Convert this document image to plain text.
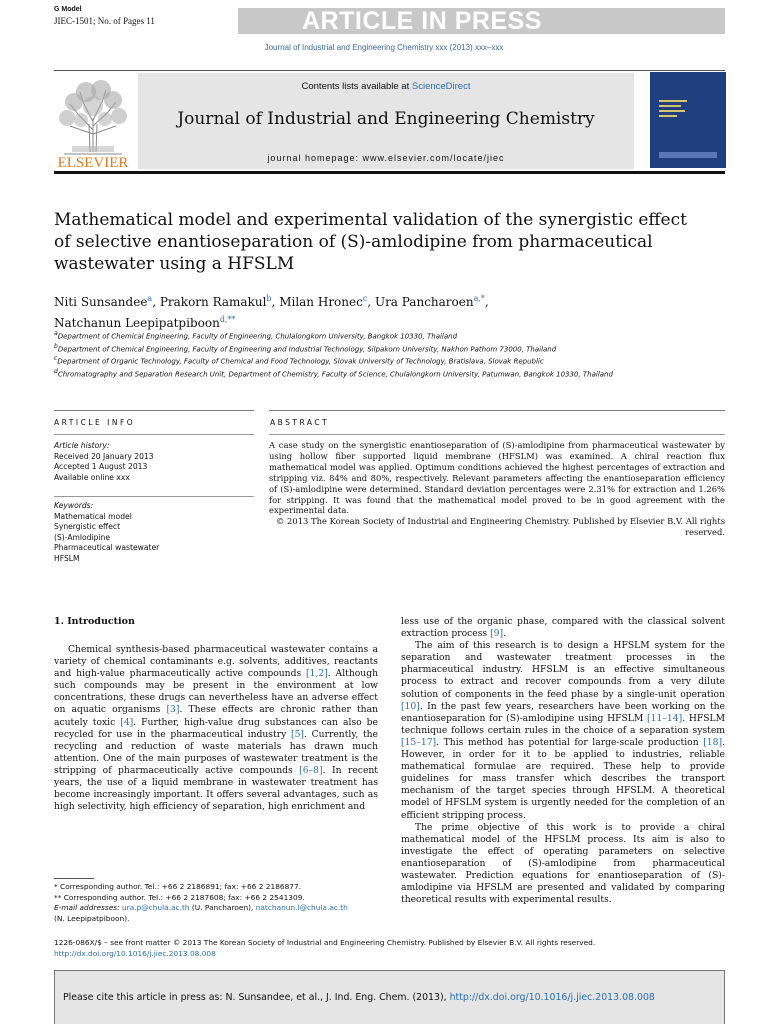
G Model
JIEC-1501; No. of Pages 11	ARTICLE IN PRESS
Journal of Industrial and Engineering Chemistry xxx (2013) xxx–xxx
ELSEVIER
Contents lists available at ScienceDirect
Journal of Industrial and Engineering Chemistry
journal homepage: www.elsevier.com/locate/jiec
Mathematical model and experimental validation of the synergistic effect of selective enantioseparation of (S)-amlodipine from pharmaceutical wastewater using a HFSLM
Niti Sunsandee$^a$, Prakorn Ramakul$^b$, Milan Hronec$^c$, Ura Pancharoen$^{a,*}$,
Natchanun Leepipatpiboon$^{d,**}$
$^a$Department of Chemical Engineering, Faculty of Engineering, Chulalongkorn University, Bangkok 10330, Thailand
$^b$Department of Chemical Engineering, Faculty of Engineering and Industrial Technology, Silpakorn University, Nakhon Pathom 73000, Thailand
$^c$Department of Organic Technology, Faculty of Chemical and Food Technology, Slovak University of Technology, Bratislava, Slovak Republic
$^d$Chromatography and Separation Research Unit, Department of Chemistry, Faculty of Science, Chulalongkorn University, Patumwan, Bangkok 10330, Thailand
ARTICLE INFO	ABSTRACT
Article history:
Received 20 January 2013
Accepted 1 August 2013
Available online xxx
Keywords:
Mathematical model
Synergistic effect
(S)-Amlodipine
Pharmaceutical wastewater
HFSLM

A case study on the synergistic enantioseparation of (S)-amlodipine from pharmaceutical wastewater by using hollow fiber supported liquid membrane (HFSLM) was examined. A chiral reaction flux mathematical model was applied. Optimum conditions achieved the highest percentages of extraction and stripping viz. 84% and 80%, respectively. Relevant parameters affecting the enantioseparation efficiency of (S)-amlodipine were determined. Standard deviation percentages were 2.31% for extraction and 1.26% for stripping. It was found that the mathematical model proved to be in good agreement with the experimental data.

© 2013 The Korean Society of Industrial and Engineering Chemistry. Published by Elsevier B.V. All rights reserved.

1. Introduction

Chemical synthesis-based pharmaceutical wastewater contains a variety of chemical contaminants e.g. solvents, additives, reactants and high-value pharmaceutically active compounds [1,2]. Although such compounds may be present in the environment at low concentrations, these drugs can nevertheless have an adverse effect on aquatic organisms [3]. These effects are chronic rather than acutely toxic [4]. Further, high-value drug substances can also be recycled for use in the pharmaceutical industry [5]. Currently, the recycling and reduction of waste materials has drawn much attention. One of the main purposes of wastewater treatment is the stripping of pharmaceutically active compounds [6–8]. In recent years, the use of a liquid membrane in wastewater treatment has become increasingly important. It offers several advantages, such as high selectivity, high efficiency of separation, high enrichment and

less use of the organic phase, compared with the classical solvent extraction process [9].

The aim of this research is to design a HFSLM system for the separation and wastewater treatment processes in the pharmaceutical industry. HFSLM is an effective simultaneous process to extract and recover compounds from a very dilute solution of components in the feed phase by a single-unit operation [10]. In the past few years, researchers have been working on the enantioseparation for (S)-amlodipine using HFSLM [11–14]. HFSLM technique follows certain rules in the choice of a separation system [15–17]. This method has potential for large-scale production [18]. However, in order for it to be applied to industries, reliable mathematical formulae are required. These help to provide guidelines for mass transfer which describes the transport mechanism of the target species through HFSLM. A theoretical model of HFSLM system is urgently needed for the completion of an efficient stripping process.

The prime objective of this work is to provide a chiral mathematical model of the HFSLM process. Its aim is also to investigate the effect of operating parameters on selective enantioseparation of (S)-amlodipine from pharmaceutical wastewater. Prediction equations for enantioseparation of (S)-amlodipine via HFSLM are presented and validated by comparing theoretical results with experimental results.

* Corresponding author. Tel.: +66 2 2186891; fax: +66 2 2186877.
** Corresponding author. Tel.: +66 2 2187608; fax: +66 2 2541309.
E-mail addresses: ura.p@chula.ac.th (U. Pancharoen), natchanun.l@chula.ac.th
(N. Leepipatpiboon).
1226-086X/$ – see front matter © 2013 The Korean Society of Industrial and Engineering Chemistry. Published by Elsevier B.V. All rights reserved.
http://dx.doi.org/10.1016/j.jiec.2013.08.008
Please cite this article in press as: N. Sunsandee, et al., J. Ind. Eng. Chem. (2013), http://dx.doi.org/10.1016/j.jiec.2013.08.008
